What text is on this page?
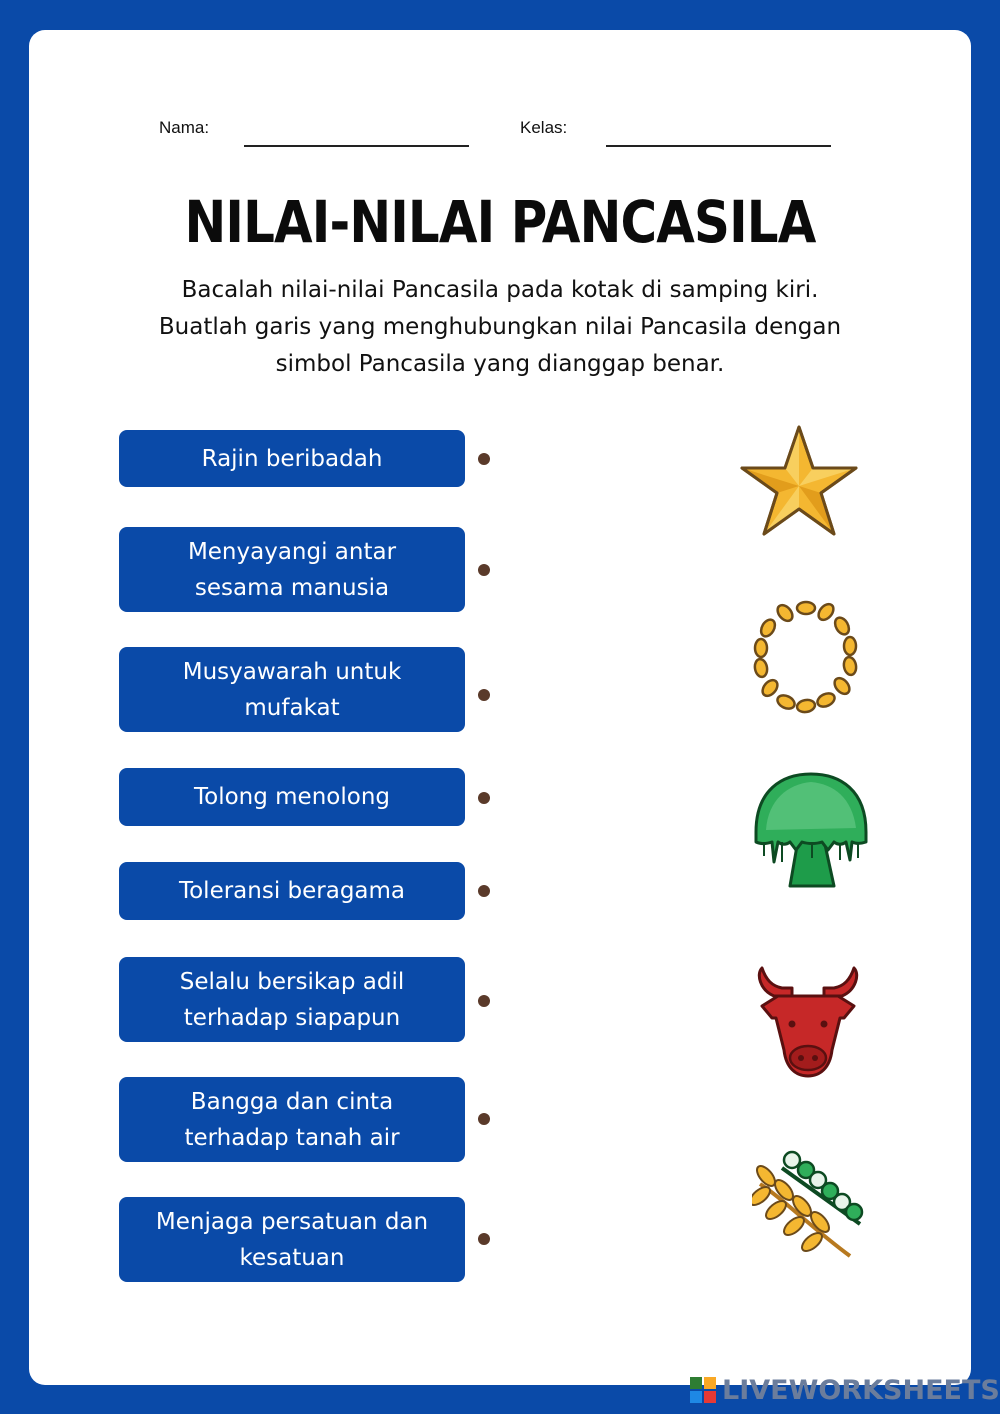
Nama:	Kelas:
NILAI-NILAI PANCASILA
Bacalah nilai-nilai Pancasila pada kotak di samping kiri.
Buatlah garis yang menghubungkan nilai Pancasila dengan
simbol Pancasila yang dianggap benar.
Rajin beribadah
Menyayangi antar
sesama manusia
Musyawarah untuk
mufakat
Tolong menolong
Toleransi beragama
Selalu bersikap adil
terhadap siapapun
Bangga dan cinta
terhadap tanah air
Menjaga persatuan dan
kesatuan
LIVEWORKSHEETS
